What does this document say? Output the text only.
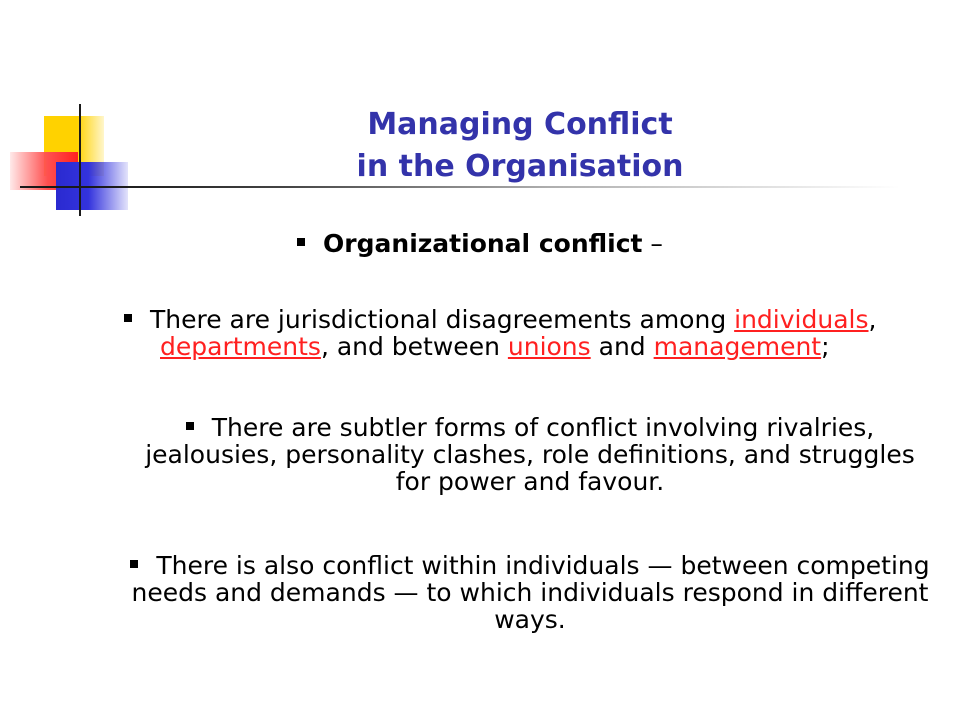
Managing Conflict
in the Organisation
Organizational conflict –
There are jurisdictional disagreements among individuals,
departments, and between unions and management;
There are subtler forms of conflict involving rivalries, jealousies, personality clashes, role definitions, and struggles for power and favour.
There is also conflict within individuals — between competing needs and demands — to which individuals respond in different ways.
